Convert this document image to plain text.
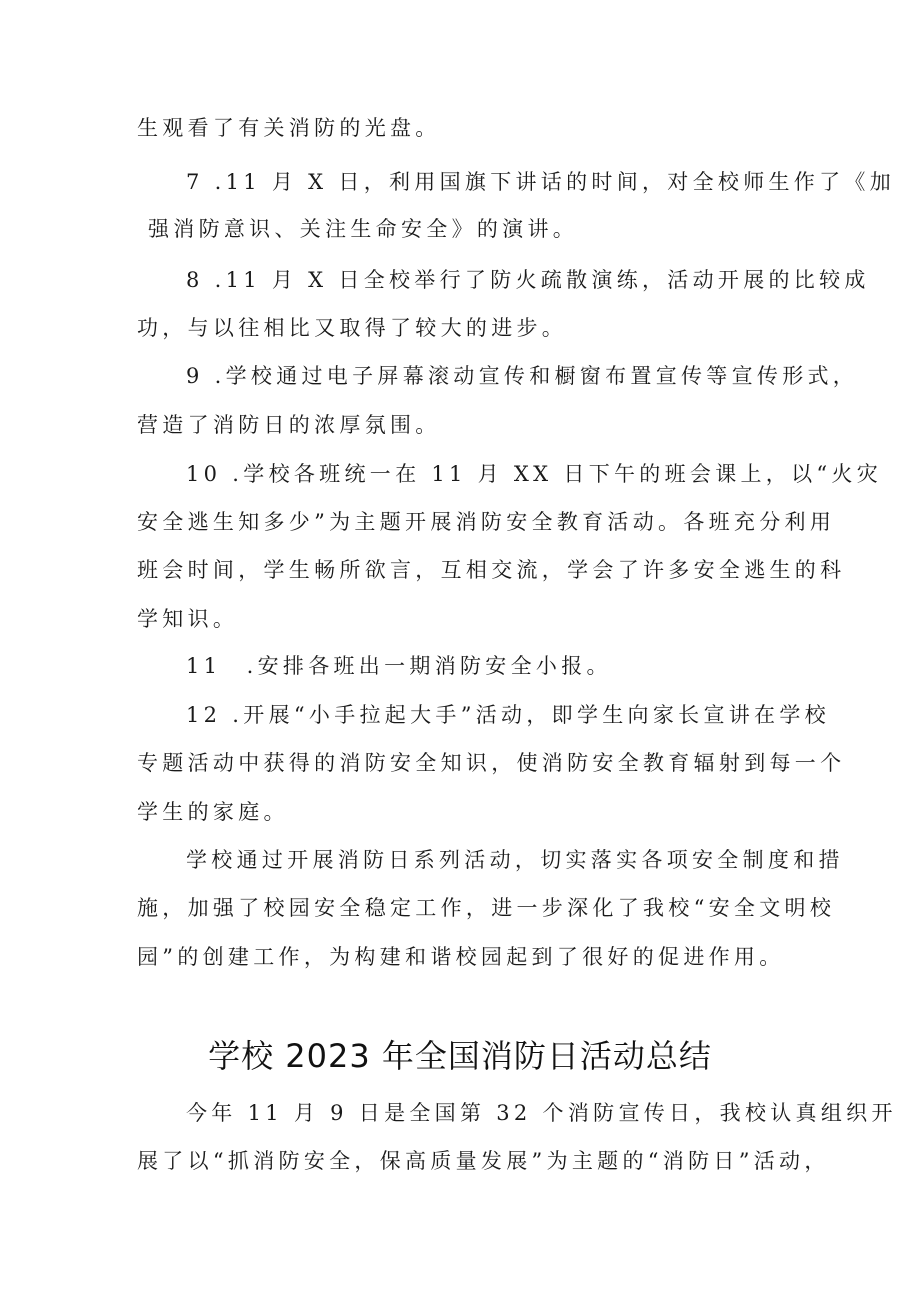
生观看了有关消防的光盘。
7 .11 月 X 日，利用国旗下讲话的时间，对全校师生作了《加
强消防意识、关注生命安全》的演讲。
8 .11 月 X 日全校举行了防火疏散演练，活动开展的比较成
功，与以往相比又取得了较大的进步。
9 .学校通过电子屏幕滚动宣传和橱窗布置宣传等宣传形式，
营造了消防日的浓厚氛围。
10 .学校各班统一在 11 月 XX 日下午的班会课上，以“火灾
安全逃生知多少”为主题开展消防安全教育活动。各班充分利用
班会时间，学生畅所欲言，互相交流，学会了许多安全逃生的科
学知识。
11　.安排各班出一期消防安全小报。
12 .开展“小手拉起大手”活动，即学生向家长宣讲在学校
专题活动中获得的消防安全知识，使消防安全教育辐射到每一个
学生的家庭。
学校通过开展消防日系列活动，切实落实各项安全制度和措
施，加强了校园安全稳定工作，进一步深化了我校“安全文明校
园”的创建工作，为构建和谐校园起到了很好的促进作用。
学校 2023 年全国消防日活动总结
今年 11 月 9 日是全国第 32 个消防宣传日，我校认真组织开
展了以“抓消防安全，保高质量发展”为主题的“消防日”活动，
